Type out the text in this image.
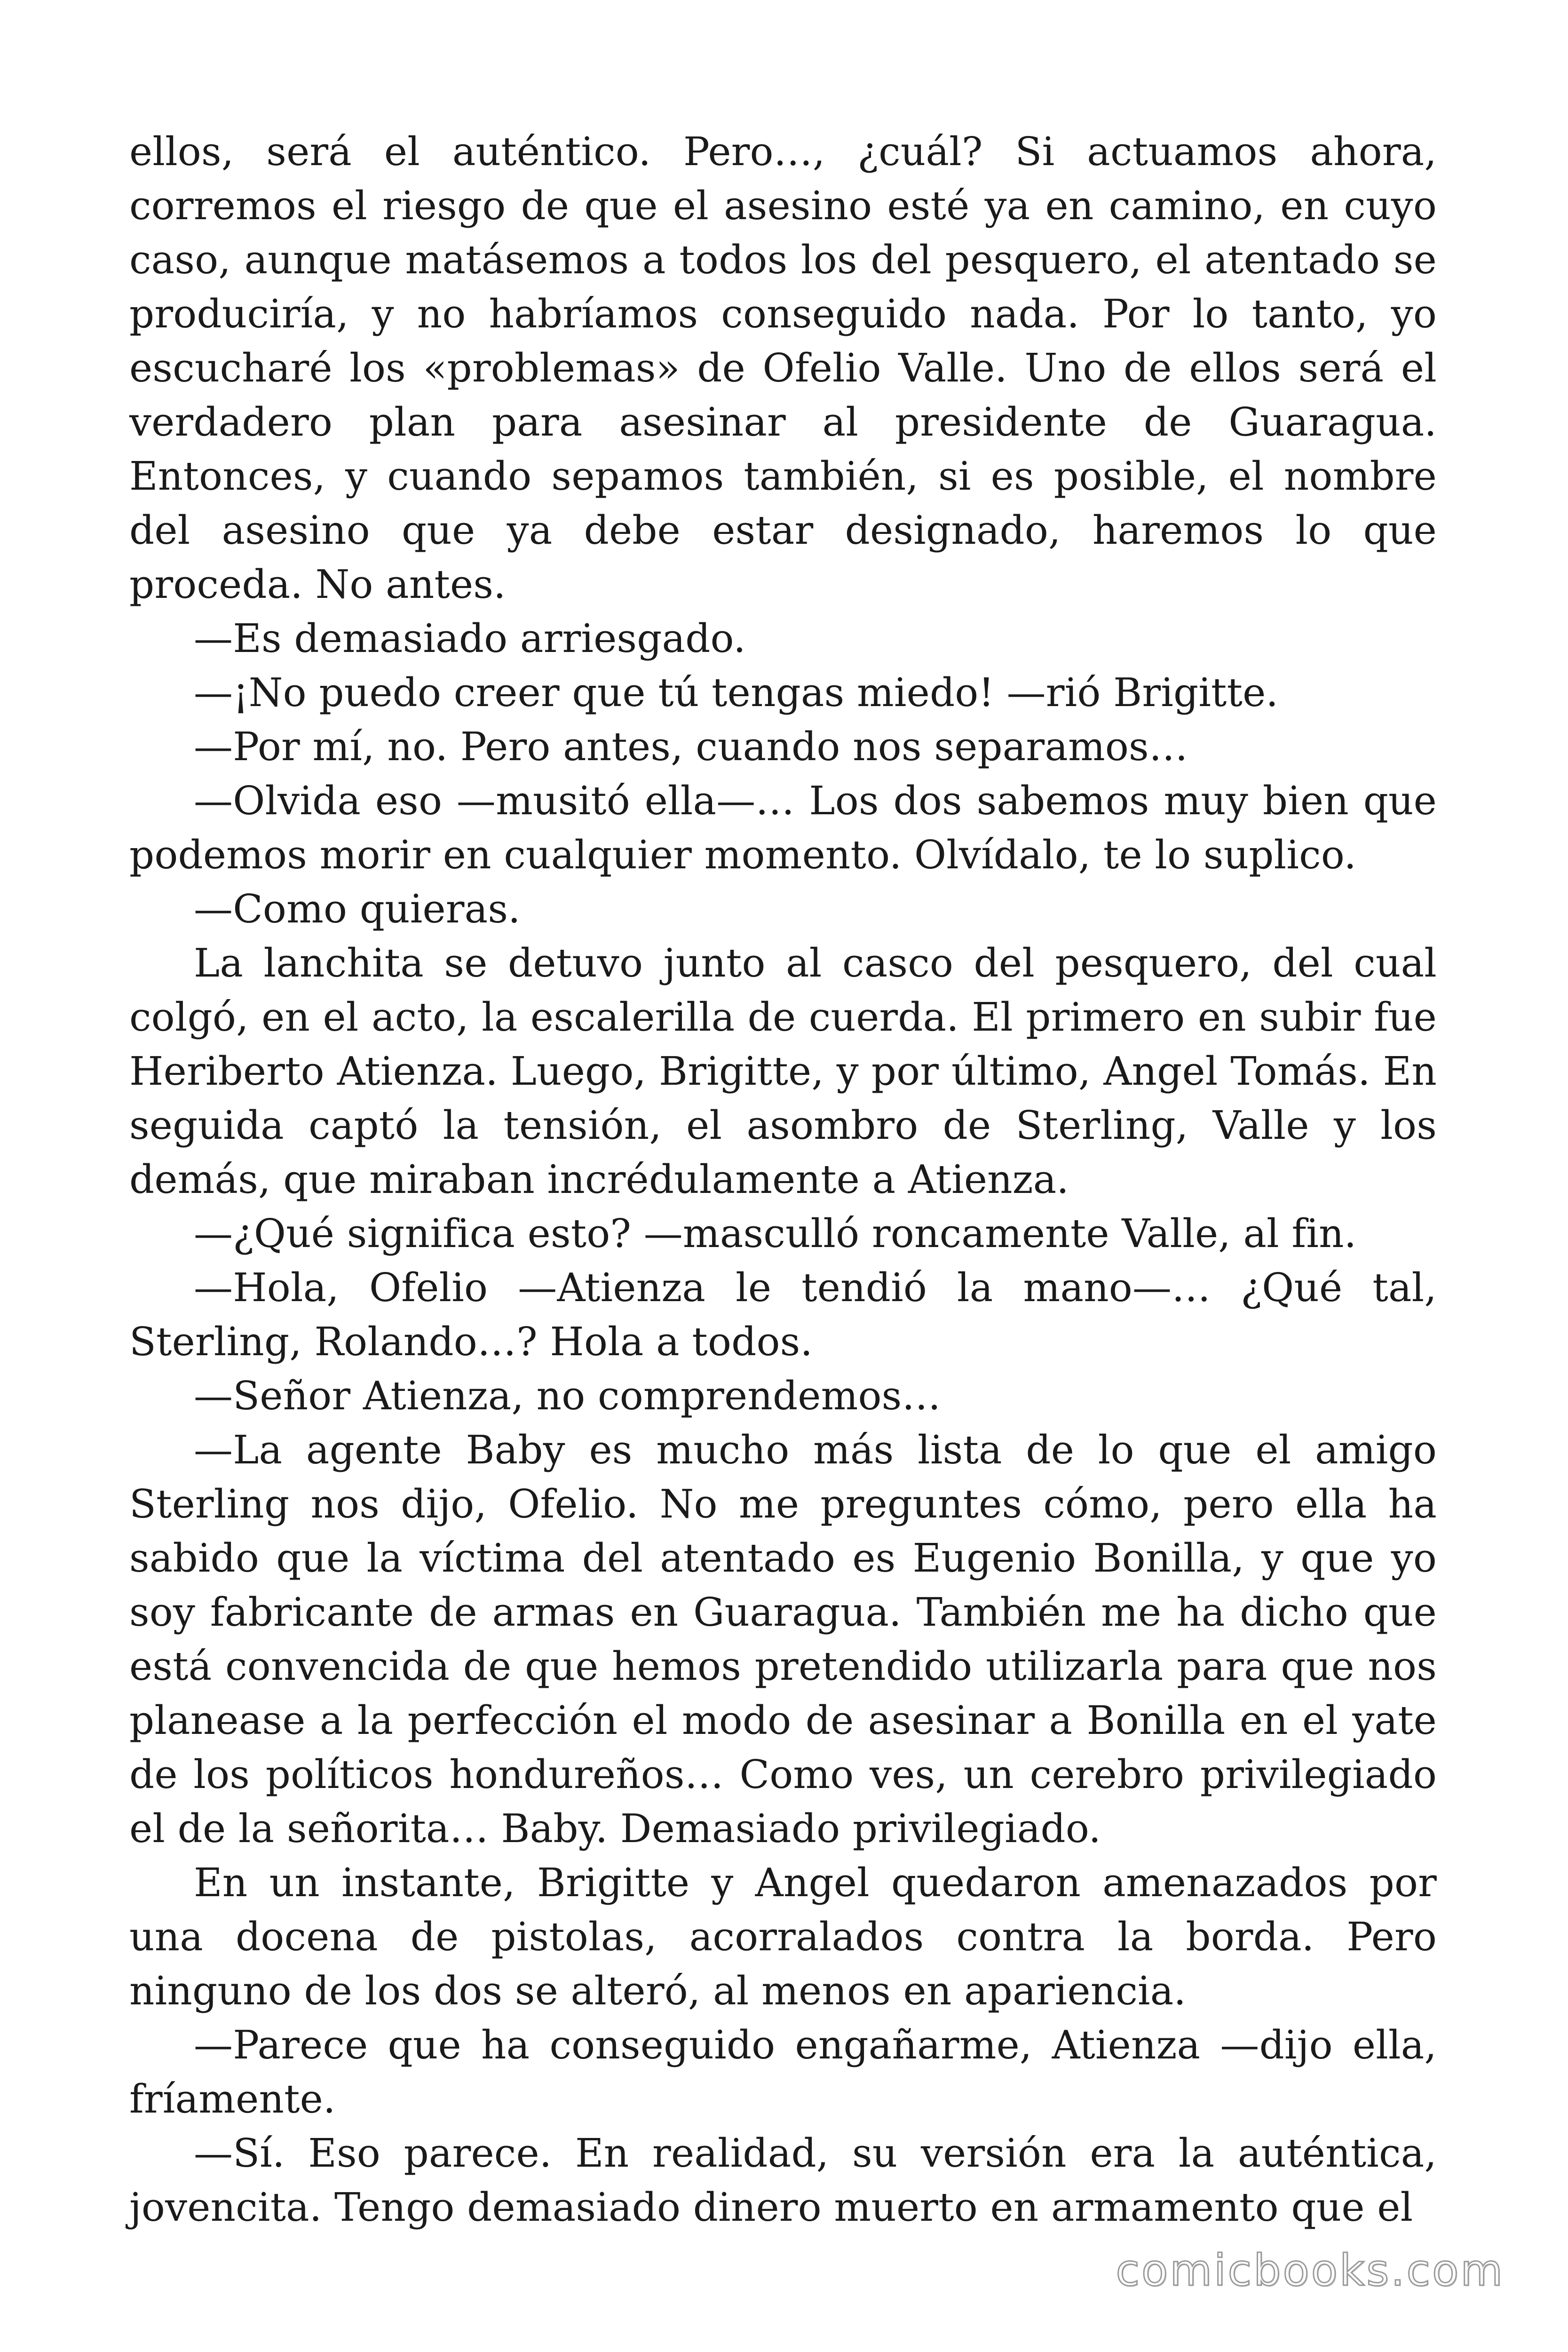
ellos, será el auténtico. Pero…, ¿cuál? Si actuamos ahora, corremos el riesgo de que el asesino esté ya en camino, en cuyo caso, aunque matásemos a todos los del pesquero, el atentado se produciría, y no habríamos conseguido nada. Por lo tanto, yo escucharé los «problemas» de Ofelio Valle. Uno de ellos será el verdadero plan para asesinar al presidente de Guaragua. Entonces, y cuando sepamos también, si es posible, el nombre del asesino que ya debe estar designado, haremos lo que proceda. No antes.

—Es demasiado arriesgado.

—¡No puedo creer que tú tengas miedo! —rió Brigitte.

—Por mí, no. Pero antes, cuando nos separamos…

—Olvida eso —musitó ella—… Los dos sabemos muy bien que podemos morir en cualquier momento. Olvídalo, te lo suplico.

—Como quieras.

La lanchita se detuvo junto al casco del pesquero, del cual colgó, en el acto, la escalerilla de cuerda. El primero en subir fue Heriberto Atienza. Luego, Brigitte, y por último, Angel Tomás. En seguida captó la tensión, el asombro de Sterling, Valle y los demás, que miraban incrédulamente a Atienza.

—¿Qué significa esto? —masculló roncamente Valle, al fin.

—Hola, Ofelio —Atienza le tendió la mano—… ¿Qué tal, Sterling, Rolando…? Hola a todos.

—Señor Atienza, no comprendemos…

—La agente Baby es mucho más lista de lo que el amigo Sterling nos dijo, Ofelio. No me preguntes cómo, pero ella ha sabido que la víctima del atentado es Eugenio Bonilla, y que yo soy fabricante de armas en Guaragua. También me ha dicho que está convencida de que hemos pretendido utilizarla para que nos planease a la perfección el modo de asesinar a Bonilla en el yate de los políticos hondureños… Como ves, un cerebro privilegiado el de la señorita… Baby. Demasiado privilegiado.

En un instante, Brigitte y Angel quedaron amenazados por una docena de pistolas, acorralados contra la borda. Pero ninguno de los dos se alteró, al menos en apariencia.

—Parece que ha conseguido engañarme, Atienza —dijo ella, fríamente.

—Sí. Eso parece. En realidad, su versión era la auténtica, jovencita. Tengo demasiado dinero muerto en armamento que el

comicbooks.com
